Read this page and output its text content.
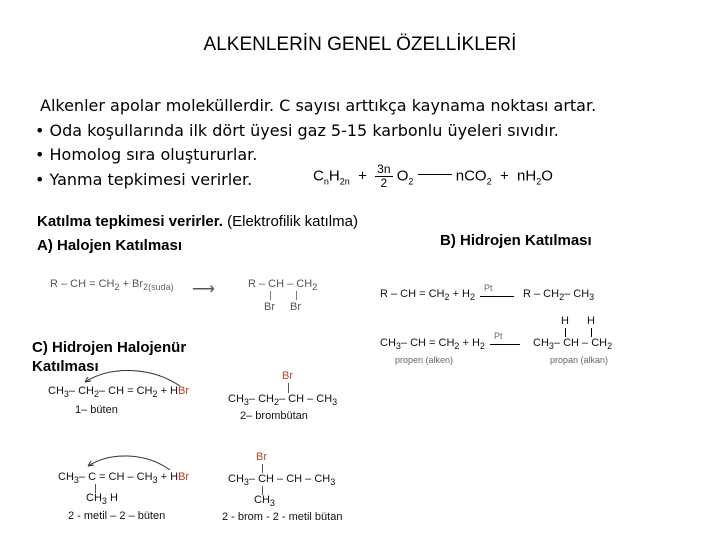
ALKENLERİN GENEL ÖZELLİKLERİ
Alkenler apolar moleküllerdir. C sayısı arttıkça kaynama noktası artar.
• Oda koşullarında ilk dört üyesi gaz 5-15 karbonlu üyeleri sıvıdır.
• Homolog sıra oluştururlar.
• Yanma tepkimesi verirler.	$C_nH_{2n} + \frac{3n}{2} O_2$	$nCO_2 + nH_2O$
Katılma tepkimesi verirler. (Elektrofilik katılma)
A) Halojen Katılması	B) Hidrojen Katılması
C) Hidrojen Halojenür Katılması
R – CH = $CH_2 + Br_{2(suda)}$ ⟶	R – CH – $CH_2$
Br Br
R – CH = $CH_2 + H_2$
Pt	R – $CH_2-$ $CH_3$
H H
$CH_3-$ CH = $CH_2 + H_2$
Pt
$CH_3-$ CH – $CH_2$
propen (alken)	propan (alkan)
$CH_3-$ $CH_2-$ CH = $CH_2$ + HBr
1– büten
Br
$CH_3-$ $CH_2-$ CH – $CH_3$
2– brombütan
$CH_3-$ C = CH – $CH_3$ + HBr
$CH_3$ H
2 - metil – 2 – büten
Br
$CH_3-$ CH – CH – $CH_3$
$CH_3$
2 - brom - 2 - metil bütan
